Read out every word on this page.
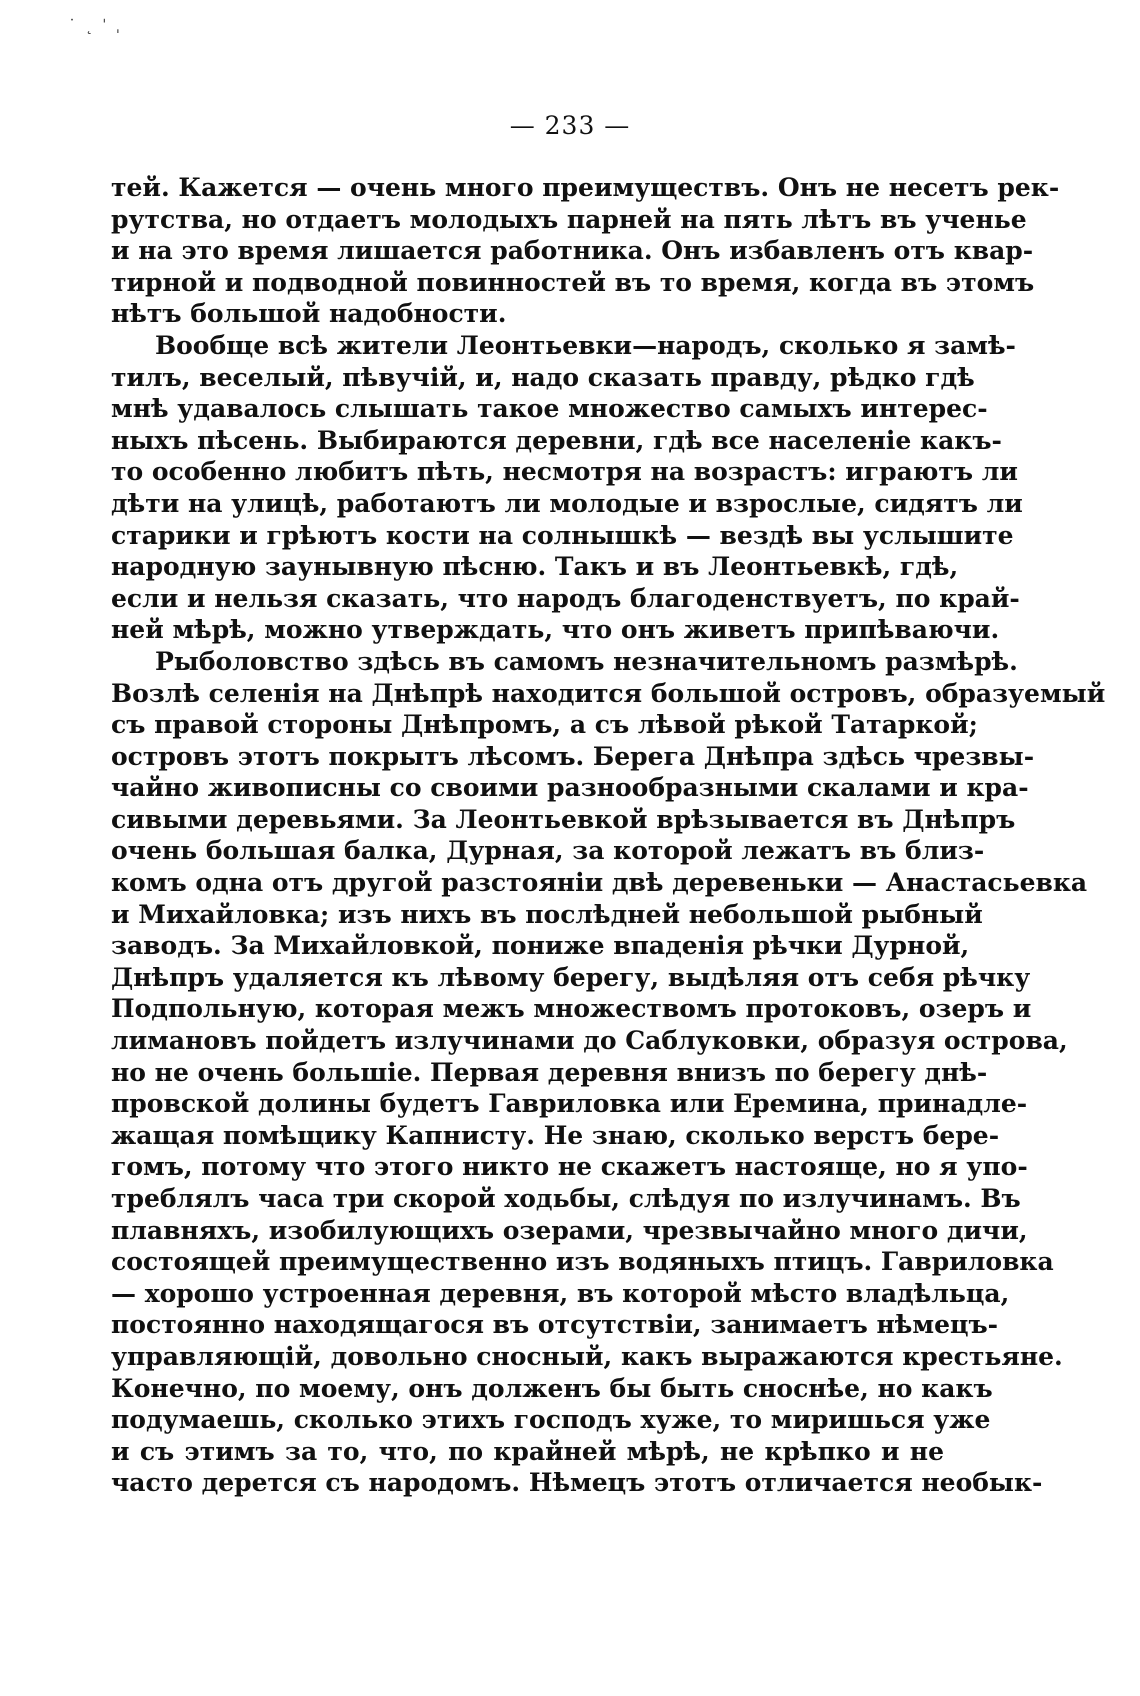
˙ ˛ ˈ ˌ
— 233 —
тей. Кажется — очень много преимуществъ. Онъ не несетъ рек-
рутства, но отдаетъ молодыхъ парней на пять лѣтъ въ ученье
и на это время лишается работника. Онъ избавленъ отъ квар-
тирной и подводной повинностей въ то время, когда въ этомъ
нѣтъ большой надобности.
Вообще всѣ жители Леонтьевки—народъ, сколько я замѣ-
тилъ, веселый, пѣвучій, и, надо сказать правду, рѣдко гдѣ
мнѣ удавалось слышать такое множество самыхъ интерес-
ныхъ пѣсень. Выбираются деревни, гдѣ все населеніе какъ-
то особенно любитъ пѣть, несмотря на возрастъ: играютъ ли
дѣти на улицѣ, работаютъ ли молодые и взрослые, сидятъ ли
старики и грѣютъ кости на солнышкѣ — вездѣ вы услышите
народную заунывную пѣсню. Такъ и въ Леонтьевкѣ, гдѣ,
если и нельзя сказать, что народъ благоденствуетъ, по край-
ней мѣрѣ, можно утверждать, что онъ живетъ припѣваючи.
Рыболовство здѣсь въ самомъ незначительномъ размѣрѣ.
Возлѣ селенія на Днѣпрѣ находится большой островъ, образуемый
съ правой стороны Днѣпромъ, а съ лѣвой рѣкой Татаркой;
островъ этотъ покрытъ лѣсомъ. Берега Днѣпра здѣсь чрезвы-
чайно живописны со своими разнообразными скалами и кра-
сивыми деревьями. За Леонтьевкой врѣзывается въ Днѣпръ
очень большая балка, Дурная, за которой лежатъ въ близ-
комъ одна отъ другой разстояніи двѣ деревеньки — Анастасьевка
и Михайловка; изъ нихъ въ послѣдней небольшой рыбный
заводъ. За Михайловкой, пониже впаденія рѣчки Дурной,
Днѣпръ удаляется къ лѣвому берегу, выдѣляя отъ себя рѣчку
Подпольную, которая межъ множествомъ протоковъ, озеръ и
лимановъ пойдетъ излучинами до Саблуковки, образуя острова,
но не очень большіе. Первая деревня внизъ по берегу днѣ-
провской долины будетъ Гавриловка или Еремина, принадле-
жащая помѣщику Капнисту. Не знаю, сколько верстъ бере-
гомъ, потому что этого никто не скажетъ настояще, но я упо-
треблялъ часа три скорой ходьбы, слѣдуя по излучинамъ. Въ
плавняхъ, изобилующихъ озерами, чрезвычайно много дичи,
состоящей преимущественно изъ водяныхъ птицъ. Гавриловка
— хорошо устроенная деревня, въ которой мѣсто владѣльца,
постоянно находящагося въ отсутствіи, занимаетъ нѣмецъ-
управляющій, довольно сносный, какъ выражаются крестьяне.
Конечно, по моему, онъ долженъ бы быть снoснѣе, но какъ
подумаешь, сколько этихъ господъ хуже, то миришься уже
и съ этимъ за то, что, по крайней мѣрѣ, не крѣпко и не
часто дерется съ народомъ. Нѣмецъ этотъ отличается необык-
